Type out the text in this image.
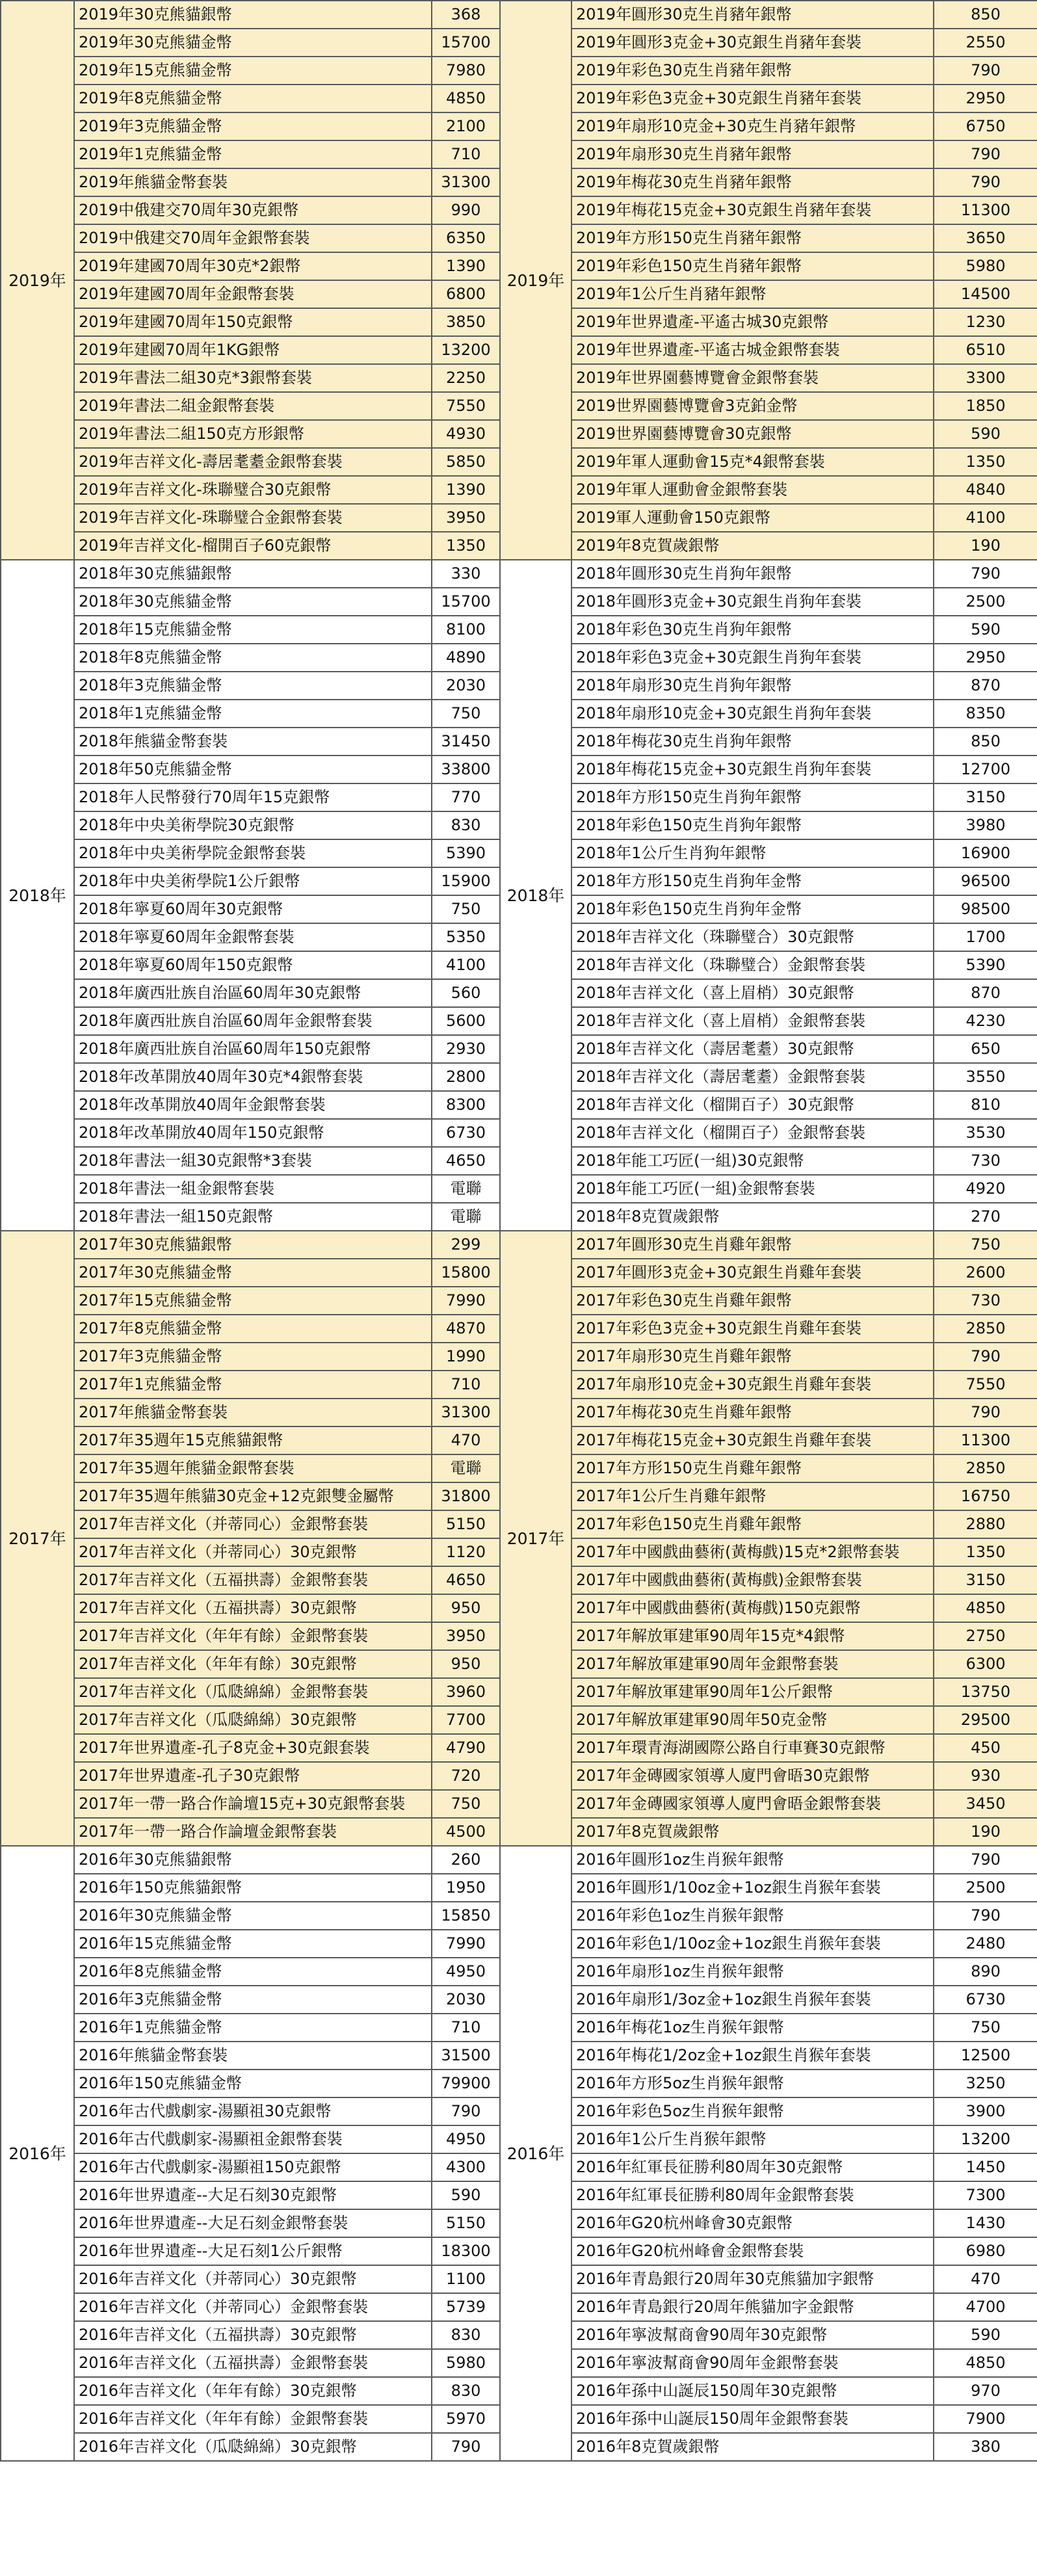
2019年	2019年30克熊貓銀幣	368	2019年	2019年圓形30克生肖豬年銀幣	850
	2019年30克熊貓金幣	15700		2019年圓形3克金+30克銀生肖豬年套裝	2550
	2019年15克熊貓金幣	7980		2019年彩色30克生肖豬年銀幣	790
	2019年8克熊貓金幣	4850		2019年彩色3克金+30克銀生肖豬年套裝	2950
	2019年3克熊貓金幣	2100		2019年扇形10克金+30克生肖豬年銀幣	6750
	2019年1克熊貓金幣	710		2019年扇形30克生肖豬年銀幣	790
	2019年熊貓金幣套裝	31300		2019年梅花30克生肖豬年銀幣	790
	2019中俄建交70周年30克銀幣	990		2019年梅花15克金+30克銀生肖豬年套裝	11300
	2019中俄建交70周年金銀幣套裝	6350		2019年方形150克生肖豬年銀幣	3650
	2019年建國70周年30克*2銀幣	1390		2019年彩色150克生肖豬年銀幣	5980
	2019年建國70周年金銀幣套裝	6800		2019年1公斤生肖豬年銀幣	14500
	2019年建國70周年150克銀幣	3850		2019年世界遺產-平遙古城30克銀幣	1230
	2019年建國70周年1KG銀幣	13200		2019年世界遺產-平遙古城金銀幣套裝	6510
	2019年書法二組30克*3銀幣套裝	2250		2019年世界園藝博覽會金銀幣套裝	3300
	2019年書法二組金銀幣套裝	7550		2019世界園藝博覽會3克鉑金幣	1850
	2019年書法二組150克方形銀幣	4930		2019世界園藝博覽會30克銀幣	590
	2019年吉祥文化-壽居耄耋金銀幣套裝	5850		2019年軍人運動會15克*4銀幣套裝	1350
	2019年吉祥文化-珠聯璧合30克銀幣	1390		2019年軍人運動會金銀幣套裝	4840
	2019年吉祥文化-珠聯璧合金銀幣套裝	3950		2019軍人運動會150克銀幣	4100
	2019年吉祥文化-榴開百子60克銀幣	1350		2019年8克賀歲銀幣	190
2018年	2018年30克熊貓銀幣	330	2018年	2018年圓形30克生肖狗年銀幣	790
	2018年30克熊貓金幣	15700		2018年圓形3克金+30克銀生肖狗年套裝	2500
	2018年15克熊貓金幣	8100		2018年彩色30克生肖狗年銀幣	590
	2018年8克熊貓金幣	4890		2018年彩色3克金+30克銀生肖狗年套裝	2950
	2018年3克熊貓金幣	2030		2018年扇形30克生肖狗年銀幣	870
	2018年1克熊貓金幣	750		2018年扇形10克金+30克銀生肖狗年套裝	8350
	2018年熊貓金幣套裝	31450		2018年梅花30克生肖狗年銀幣	850
	2018年50克熊貓金幣	33800		2018年梅花15克金+30克銀生肖狗年套裝	12700
	2018年人民幣發行70周年15克銀幣	770		2018年方形150克生肖狗年銀幣	3150
	2018年中央美術學院30克銀幣	830		2018年彩色150克生肖狗年銀幣	3980
	2018年中央美術學院金銀幣套裝	5390		2018年1公斤生肖狗年銀幣	16900
	2018年中央美術學院1公斤銀幣	15900		2018年方形150克生肖狗年金幣	96500
	2018年寧夏60周年30克銀幣	750		2018年彩色150克生肖狗年金幣	98500
	2018年寧夏60周年金銀幣套裝	5350		2018年吉祥文化（珠聯璧合）30克銀幣	1700
	2018年寧夏60周年150克銀幣	4100		2018年吉祥文化（珠聯璧合）金銀幣套裝	5390
	2018年廣西壯族自治區60周年30克銀幣	560		2018年吉祥文化（喜上眉梢）30克銀幣	870
	2018年廣西壯族自治區60周年金銀幣套裝	5600		2018年吉祥文化（喜上眉梢）金銀幣套裝	4230
	2018年廣西壯族自治區60周年150克銀幣	2930		2018年吉祥文化（壽居耄耋）30克銀幣	650
	2018年改革開放40周年30克*4銀幣套裝	2800		2018年吉祥文化（壽居耄耋）金銀幣套裝	3550
	2018年改革開放40周年金銀幣套裝	8300		2018年吉祥文化（榴開百子）30克銀幣	810
	2018年改革開放40周年150克銀幣	6730		2018年吉祥文化（榴開百子）金銀幣套裝	3530
	2018年書法一組30克銀幣*3套裝	4650		2018年能工巧匠(一組)30克銀幣	730
	2018年書法一組金銀幣套裝	電聯		2018年能工巧匠(一組)金銀幣套裝	4920
	2018年書法一組150克銀幣	電聯		2018年8克賀歲銀幣	270
2017年	2017年30克熊貓銀幣	299	2017年	2017年圓形30克生肖雞年銀幣	750
	2017年30克熊貓金幣	15800		2017年圓形3克金+30克銀生肖雞年套裝	2600
	2017年15克熊貓金幣	7990		2017年彩色30克生肖雞年銀幣	730
	2017年8克熊貓金幣	4870		2017年彩色3克金+30克銀生肖雞年套裝	2850
	2017年3克熊貓金幣	1990		2017年扇形30克生肖雞年銀幣	790
	2017年1克熊貓金幣	710		2017年扇形10克金+30克銀生肖雞年套裝	7550
	2017年熊貓金幣套裝	31300		2017年梅花30克生肖雞年銀幣	790
	2017年35週年15克熊貓銀幣	470		2017年梅花15克金+30克銀生肖雞年套裝	11300
	2017年35週年熊貓金銀幣套裝	電聯		2017年方形150克生肖雞年銀幣	2850
	2017年35週年熊貓30克金+12克銀雙金屬幣	31800		2017年1公斤生肖雞年銀幣	16750
	2017年吉祥文化（并蒂同心）金銀幣套裝	5150		2017年彩色150克生肖雞年銀幣	2880
	2017年吉祥文化（并蒂同心）30克銀幣	1120		2017年中國戲曲藝術(黃梅戲)15克*2銀幣套裝	1350
	2017年吉祥文化（五福拱壽）金銀幣套裝	4650		2017年中國戲曲藝術(黃梅戲)金銀幣套裝	3150
	2017年吉祥文化（五福拱壽）30克銀幣	950		2017年中國戲曲藝術(黃梅戲)150克銀幣	4850
	2017年吉祥文化（年年有餘）金銀幣套裝	3950		2017年解放軍建軍90周年15克*4銀幣	2750
	2017年吉祥文化（年年有餘）30克銀幣	950		2017年解放軍建軍90周年金銀幣套裝	6300
	2017年吉祥文化（瓜瓞綿綿）金銀幣套裝	3960		2017年解放軍建軍90周年1公斤銀幣	13750
	2017年吉祥文化（瓜瓞綿綿）30克銀幣	7700		2017年解放軍建軍90周年50克金幣	29500
	2017年世界遺產-孔子8克金+30克銀套裝	4790		2017年環青海湖國際公路自行車賽30克銀幣	450
	2017年世界遺產-孔子30克銀幣	720		2017年金磚國家領導人廈門會晤30克銀幣	930
	2017年一帶一路合作論壇15克+30克銀幣套裝	750		2017年金磚國家領導人廈門會晤金銀幣套裝	3450
	2017年一帶一路合作論壇金銀幣套裝	4500		2017年8克賀歲銀幣	190
2016年	2016年30克熊貓銀幣	260	2016年	2016年圓形1oz生肖猴年銀幣	790
	2016年150克熊貓銀幣	1950		2016年圓形1/10oz金+1oz銀生肖猴年套裝	2500
	2016年30克熊貓金幣	15850		2016年彩色1oz生肖猴年銀幣	790
	2016年15克熊貓金幣	7990		2016年彩色1/10oz金+1oz銀生肖猴年套裝	2480
	2016年8克熊貓金幣	4950		2016年扇形1oz生肖猴年銀幣	890
	2016年3克熊貓金幣	2030		2016年扇形1/3oz金+1oz銀生肖猴年套裝	6730
	2016年1克熊貓金幣	710		2016年梅花1oz生肖猴年銀幣	750
	2016年熊貓金幣套裝	31500		2016年梅花1/2oz金+1oz銀生肖猴年套裝	12500
	2016年150克熊貓金幣	79900		2016年方形5oz生肖猴年銀幣	3250
	2016年古代戲劇家-湯顯祖30克銀幣	790		2016年彩色5oz生肖猴年銀幣	3900
	2016年古代戲劇家-湯顯祖金銀幣套裝	4950		2016年1公斤生肖猴年銀幣	13200
	2016年古代戲劇家-湯顯祖150克銀幣	4300		2016年紅軍長征勝利80周年30克銀幣	1450
	2016年世界遺產--大足石刻30克銀幣	590		2016年紅軍長征勝利80周年金銀幣套裝	7300
	2016年世界遺產--大足石刻金銀幣套裝	5150		2016年G20杭州峰會30克銀幣	1430
	2016年世界遺產--大足石刻1公斤銀幣	18300		2016年G20杭州峰會金銀幣套裝	6980
	2016年吉祥文化（并蒂同心）30克銀幣	1100		2016年青島銀行20周年30克熊貓加字銀幣	470
	2016年吉祥文化（并蒂同心）金銀幣套裝	5739		2016年青島銀行20周年熊貓加字金銀幣	4700
	2016年吉祥文化（五福拱壽）30克銀幣	830		2016年寧波幫商會90周年30克銀幣	590
	2016年吉祥文化（五福拱壽）金銀幣套裝	5980		2016年寧波幫商會90周年金銀幣套裝	4850
	2016年吉祥文化（年年有餘）30克銀幣	830		2016年孫中山誕辰150周年30克銀幣	970
	2016年吉祥文化（年年有餘）金銀幣套裝	5970		2016年孫中山誕辰150周年金銀幣套裝	7900
	2016年吉祥文化（瓜瓞綿綿）30克銀幣	790		2016年8克賀歲銀幣	380
